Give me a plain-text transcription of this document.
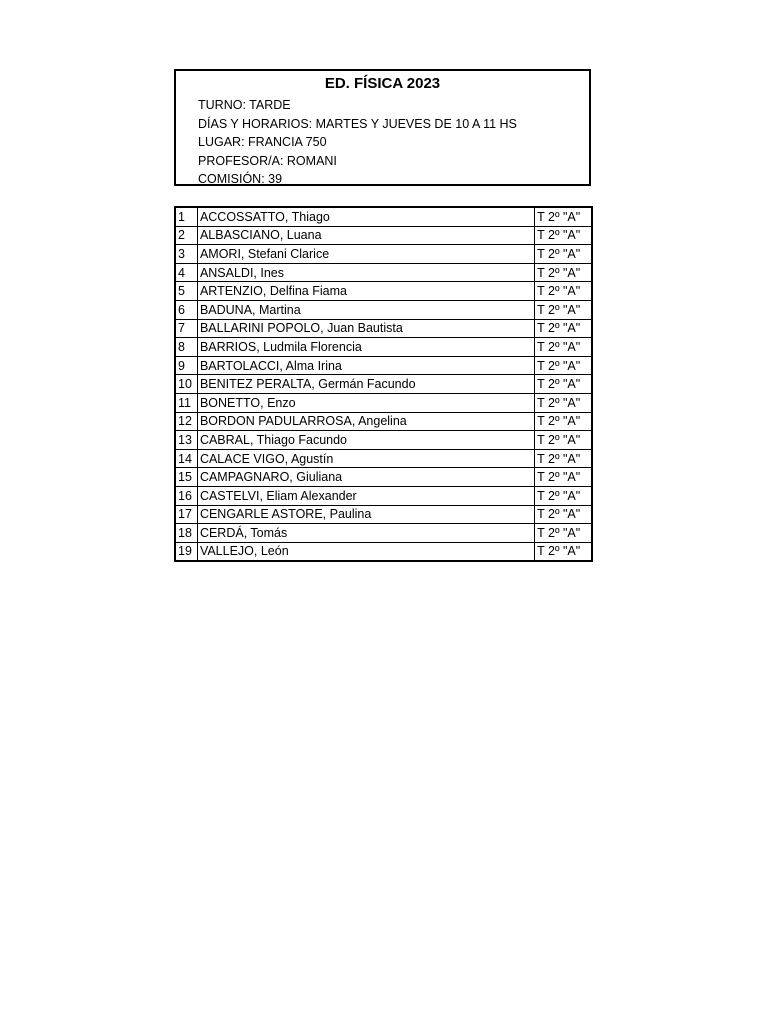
ED. FÍSICA 2023
TURNO: TARDE
DÍAS Y HORARIOS: MARTES Y JUEVES DE 10 A 11 HS
LUGAR: FRANCIA 750
PROFESOR/A: ROMANI
COMISIÓN: 39
1	ACCOSSATTO, Thiago	T 2º "A"
2	ALBASCIANO, Luana	T 2º "A"
3	AMORI, Stefani Clarice	T 2º "A"
4	ANSALDI, Ines	T 2º "A"
5	ARTENZIO, Delfina Fiama	T 2º "A"
6	BADUNA, Martina	T 2º "A"
7	BALLARINI POPOLO, Juan Bautista	T 2º "A"
8	BARRIOS, Ludmila Florencia	T 2º "A"
9	BARTOLACCI, Alma Irina	T 2º "A"
10	BENITEZ PERALTA, Germán Facundo	T 2º "A"
11	BONETTO, Enzo	T 2º "A"
12	BORDON PADULARROSA, Angelina	T 2º "A"
13	CABRAL, Thiago Facundo	T 2º "A"
14	CALACE VIGO, Agustín	T 2º "A"
15	CAMPAGNARO, Giuliana	T 2º "A"
16	CASTELVI, Eliam Alexander	T 2º "A"
17	CENGARLE ASTORE, Paulina	T 2º "A"
18	CERDÁ, Tomás	T 2º "A"
19	VALLEJO, León	T 2º "A"
